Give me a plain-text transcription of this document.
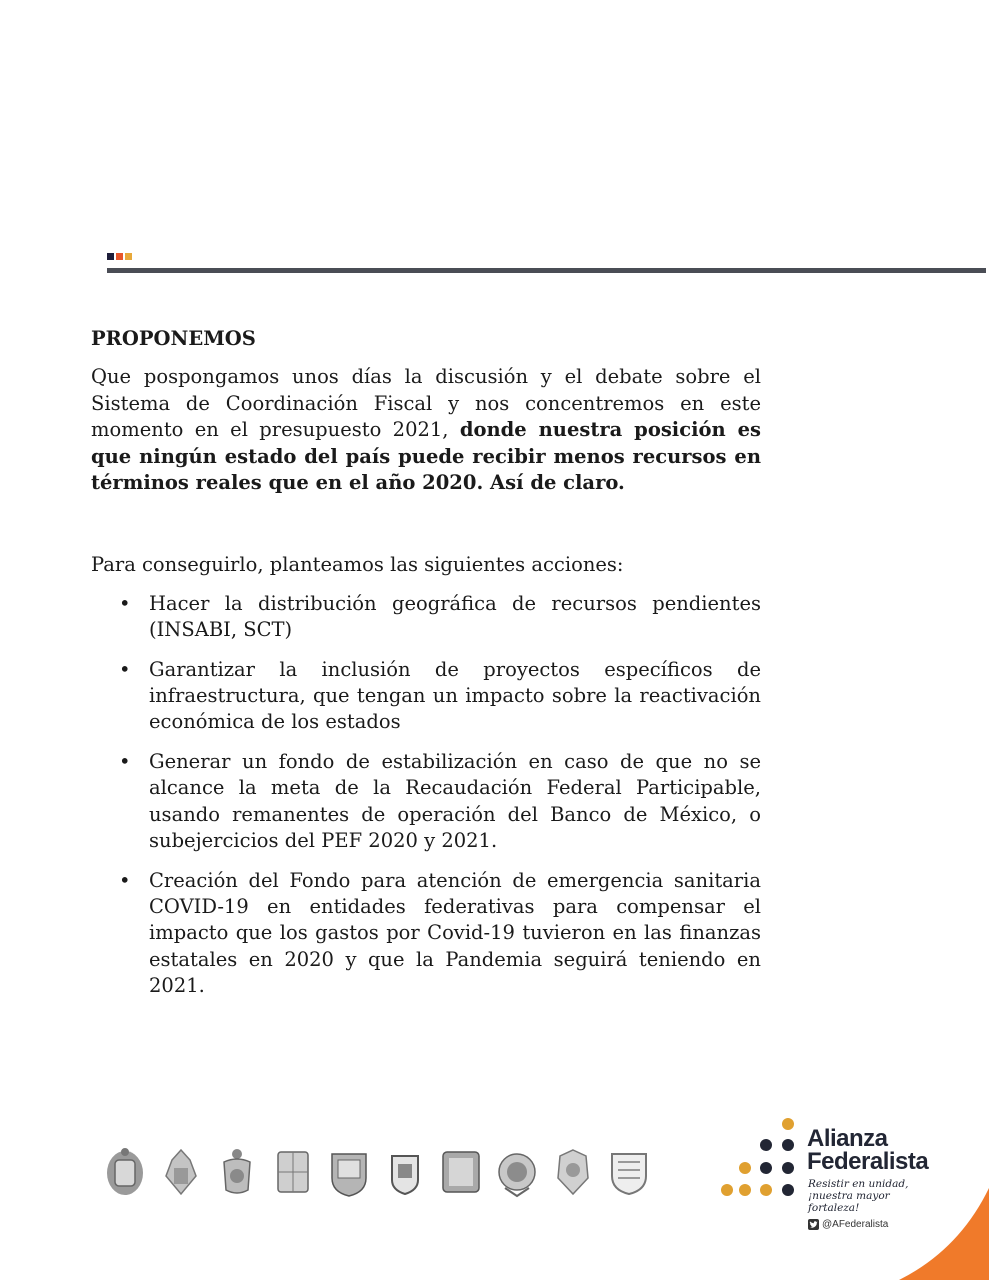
PROPONEMOS

Que pospongamos unos días la discusión y el debate sobre el Sistema de Coordinación Fiscal y nos concentremos en este momento en el presupuesto 2021, donde nuestra posición es que ningún estado del país puede recibir menos recursos en términos reales que en el año 2020. Así de claro.

Para conseguirlo, planteamos las siguientes acciones:

• Hacer la distribución geográfica de recursos pendientes (INSABI, SCT)
• Garantizar la inclusión de proyectos específicos de infraestructura, que tengan un impacto sobre la reactivación económica de los estados
• Generar un fondo de estabilización en caso de que no se alcance la meta de la Recaudación Federal Participable, usando remanentes de operación del Banco de México, o subejercicios del PEF 2020 y 2021.
• Creación del Fondo para atención de emergencia sanitaria COVID-19 en entidades federativas para compensar el impacto que los gastos por Covid-19 tuvieron en las finanzas estatales en 2020 y que la Pandemia seguirá teniendo en 2021.
Alianza
Federalista
Resistir en unidad,
¡nuestra mayor fortaleza!
@AFederalista
